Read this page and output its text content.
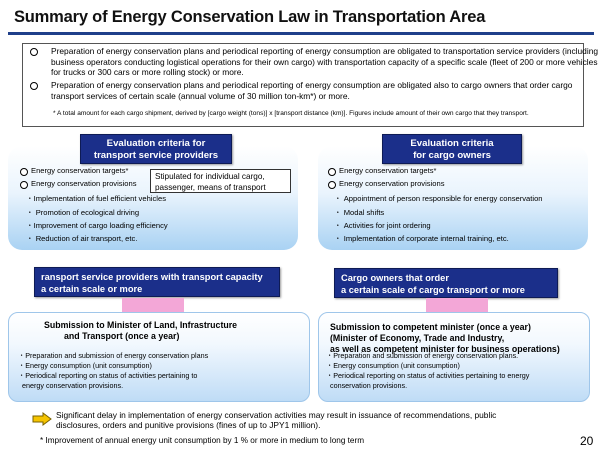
Summary of Energy Conservation Law in Transportation Area
Preparation of energy conservation plans and periodical reporting of energy consumption are obligated to transportation service providers (including business operators conducting logistical operations for their own cargo) with transportation capacity of a specific scale (fleet of 200 or more vehicles for trucks or 300 cars or more rolling stock) or more.
Preparation of energy conservation plans and periodical reporting of energy consumption are obligated also to cargo owners that order cargo transport services of certain scale (annual volume of 30 million ton-km*) or more.
* A total amount for each cargo shipment, derived by [cargo weight (tons)] x [transport distance (km)]. Figures include amount of their own cargo that they transport.
Evaluation criteria for
transport service providers
Energy conservation targets*
Energy conservation provisions
・Implementation of fuel efficient vehicles
・ Promotion of ecological driving
・Improvement of cargo loading efficiency
・ Reduction of air transport, etc.
Stipulated for individual cargo,
passenger, means of transport
Evaluation criteria
for cargo owners
Energy conservation targets*
Energy conservation provisions
・ Appointment of person responsible for energy conservation
・ Modal shifts
・ Activities for joint ordering
・ Implementation of corporate internal training, etc.
ransport service providers with transport capacity
a certain scale or more
Cargo owners that order
a certain scale of cargo transport or more
Submission to Minister of Land, Infrastructure
and Transport (once a year)
・Preparation and submission of energy conservation plans
・Energy consumption (unit consumption)
・Periodical reporting on status of activities pertaining to
energy conservation provisions.
Submission to competent minister (once a year)
(Minister of Economy, Trade and Industry,
as well as competent minister for business operations)
・Preparation and submission of energy conservation plans.
・Energy consumption (unit consumption)
・Periodical reporting on status of activities pertaining to energy
conservation provisions.
Significant delay in implementation of energy conservation activities may result in issuance of recommendations, public
disclosures, orders and punitive provisions (fines of up to JPY1 million).
* Improvement of annual energy unit consumption by 1 % or more in medium to long term	20
